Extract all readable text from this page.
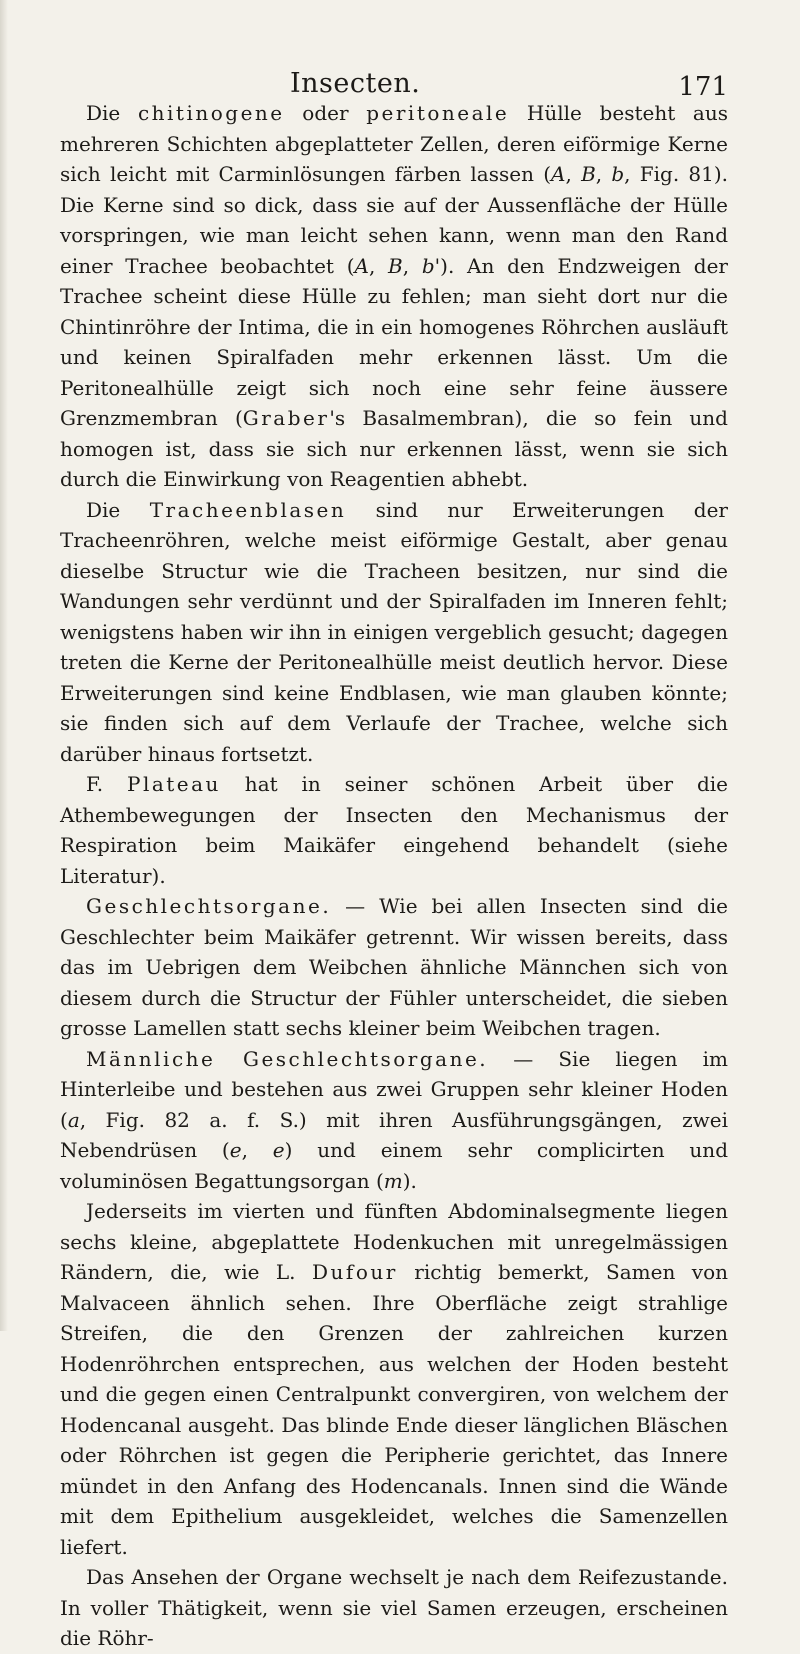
Insecten.	171

Die chitinogene oder peritoneale Hülle besteht aus mehreren Schichten abgeplatteter Zellen, deren eiförmige Kerne sich leicht mit Carminlösungen färben lassen (A, B, b, Fig. 81). Die Kerne sind so dick, dass sie auf der Aussenfläche der Hülle vorspringen, wie man leicht sehen kann, wenn man den Rand einer Trachee beobachtet (A, B, b'). An den Endzweigen der Trachee scheint diese Hülle zu fehlen; man sieht dort nur die Chintinröhre der Intima, die in ein homogenes Röhrchen ausläuft und keinen Spiralfaden mehr erkennen lässt. Um die Peritonealhülle zeigt sich noch eine sehr feine äussere Grenzmembran (Graber's Basalmembran), die so fein und homogen ist, dass sie sich nur erkennen lässt, wenn sie sich durch die Einwirkung von Reagentien abhebt.

Die Tracheenblasen sind nur Erweiterungen der Tracheenröhren, welche meist eiförmige Gestalt, aber genau dieselbe Structur wie die Tracheen besitzen, nur sind die Wandungen sehr verdünnt und der Spiralfaden im Inneren fehlt; wenigstens haben wir ihn in einigen vergeblich gesucht; dagegen treten die Kerne der Peritonealhülle meist deutlich hervor. Diese Erweiterungen sind keine Endblasen, wie man glauben könnte; sie finden sich auf dem Verlaufe der Trachee, welche sich darüber hinaus fortsetzt.

F. Plateau hat in seiner schönen Arbeit über die Athembewegungen der Insecten den Mechanismus der Respiration beim Maikäfer eingehend behandelt (siehe Literatur).

Geschlechtsorgane. — Wie bei allen Insecten sind die Geschlechter beim Maikäfer getrennt. Wir wissen bereits, dass das im Uebrigen dem Weibchen ähnliche Männchen sich von diesem durch die Structur der Fühler unterscheidet, die sieben grosse Lamellen statt sechs kleiner beim Weibchen tragen.

Männliche Geschlechtsorgane. — Sie liegen im Hinterleibe und bestehen aus zwei Gruppen sehr kleiner Hoden (a, Fig. 82 a. f. S.) mit ihren Ausführungsgängen, zwei Nebendrüsen (e, e) und einem sehr complicirten und voluminösen Begattungsorgan (m).

Jederseits im vierten und fünften Abdominalsegmente liegen sechs kleine, abgeplattete Hodenkuchen mit unregelmässigen Rändern, die, wie L. Dufour richtig bemerkt, Samen von Malvaceen ähnlich sehen. Ihre Oberfläche zeigt strahlige Streifen, die den Grenzen der zahlreichen kurzen Hodenröhrchen entsprechen, aus welchen der Hoden besteht und die gegen einen Centralpunkt convergiren, von welchem der Hodencanal ausgeht. Das blinde Ende dieser länglichen Bläschen oder Röhrchen ist gegen die Peripherie gerichtet, das Innere mündet in den Anfang des Hodencanals. Innen sind die Wände mit dem Epithelium ausgekleidet, welches die Samenzellen liefert.

Das Ansehen der Organe wechselt je nach dem Reifezustande. In voller Thätigkeit, wenn sie viel Samen erzeugen, erscheinen die Röhr-
